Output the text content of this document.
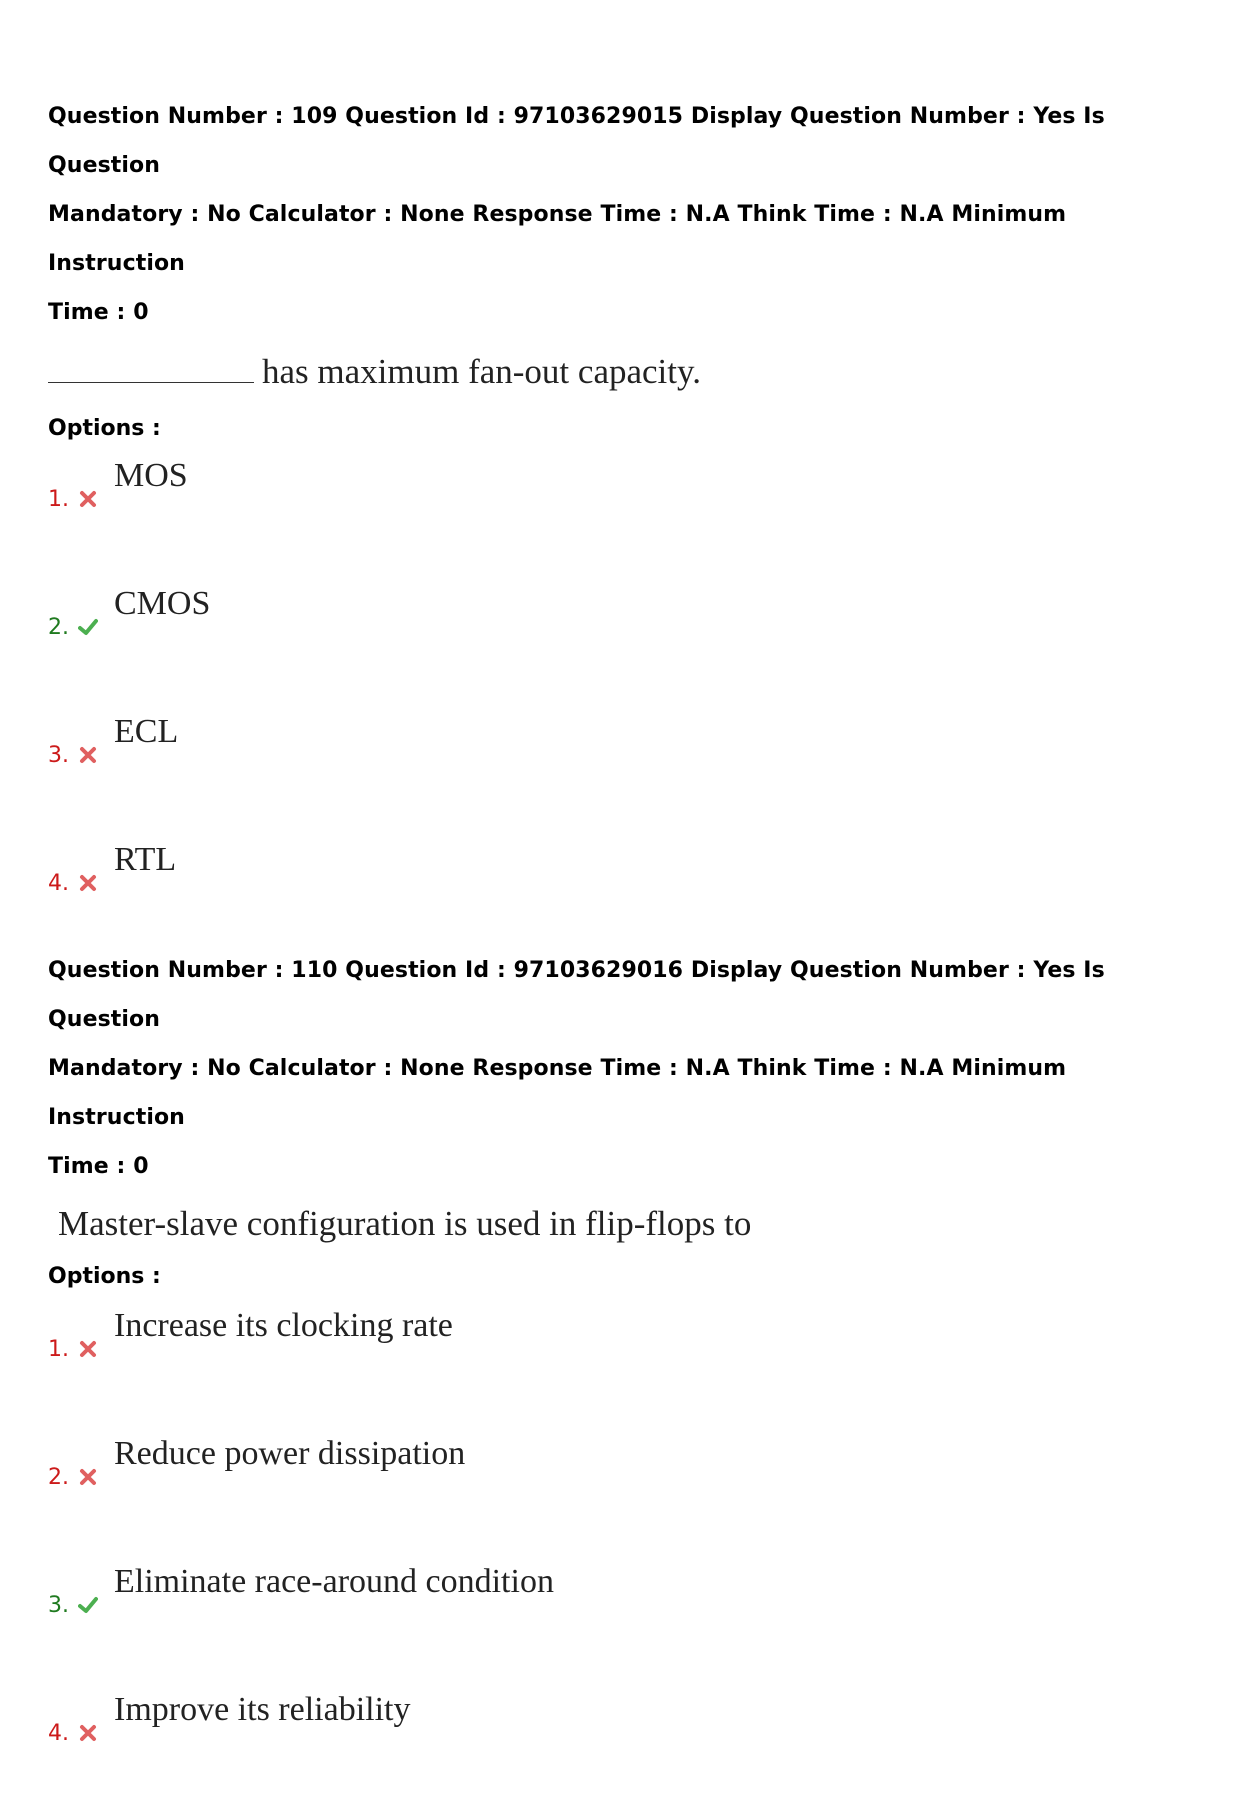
Question Number : 109 Question Id : 97103629015 Display Question Number : Yes Is Question
Mandatory : No Calculator : None Response Time : N.A Think Time : N.A Minimum Instruction
Time : 0
has maximum fan-out capacity.
Options :
1.
MOS
2.
CMOS
3.
ECL
4.
RTL
Question Number : 110 Question Id : 97103629016 Display Question Number : Yes Is Question
Mandatory : No Calculator : None Response Time : N.A Think Time : N.A Minimum Instruction
Time : 0
Master-slave configuration is used in flip-flops to
Options :
1.
Increase its clocking rate
2.
Reduce power dissipation
3.
Eliminate race-around condition
4.
Improve its reliability
